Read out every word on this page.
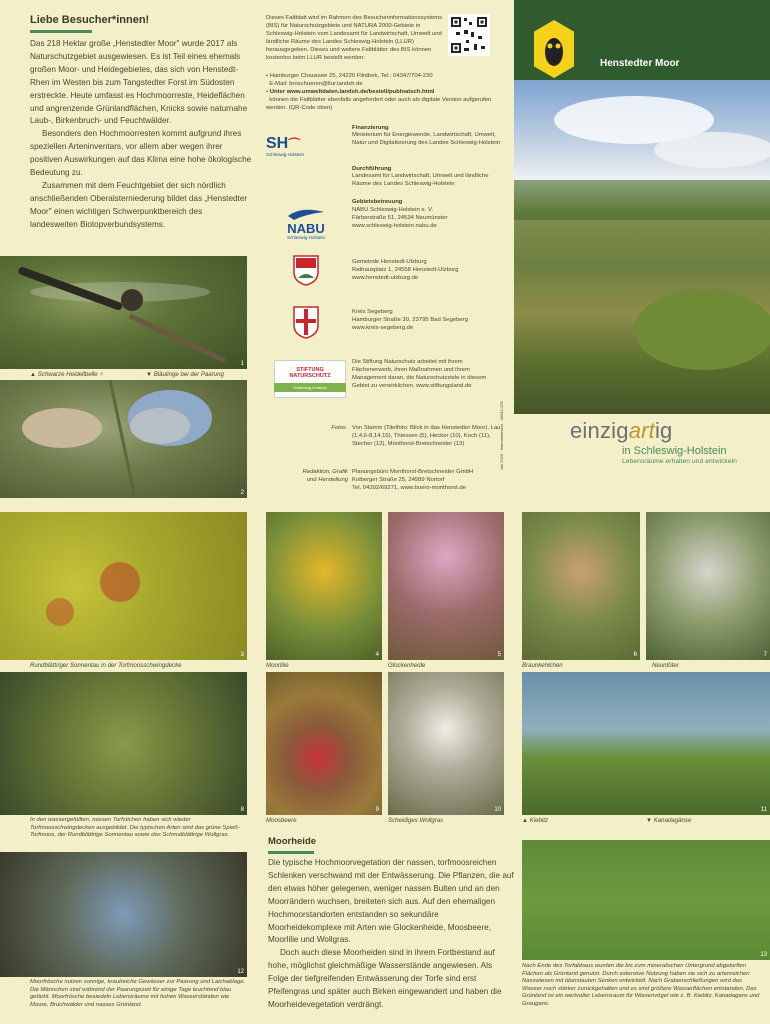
Liebe Besucher*innen!

Das 218 Hektar große „Henstedter Moor" wurde 2017 als Naturschutzgebiet ausgewiesen. Es ist Teil eines ehemals großen Moor- und Heidegebietes, das sich von Henstedt-Rhen im Westen bis zum Tangstedter Forst im Südosten erstreckte. Heute umfasst es Hochmoorreste, Heideflächen und angrenzende Grünlandflächen, Knicks sowie naturnahe Laub-, Birkenbruch- und Feuchtwälder.

Besonders den Hochmoorresten kommt aufgrund ihres speziellen Arteninventars, vor allem aber wegen ihrer positiven Auswirkungen auf das Klima eine hohe ökologische Bedeutung zu.

Zusammen mit dem Feuchtgebiet der sich nördlich anschließenden Oberalsterniederung bildet das „Henstedter Moor" einen wichtigen Schwerpunktbereich des landesweiten Biotopverbundsystems.

1
▲ Schwarze Heidelibelle ♂	▼ Bläulinge bei der Paarung
2
Dieses Faltblatt wird im Rahmen des Besucherinformationssystems (BIS) für Naturschutzgebiete und NATURA 2000-Gebiete in Schleswig-Holstein vom Landesamt für Landwirtschaft, Umwelt und ländliche Räume des Landes Schleswig-Holstein (LLUR) herausgegeben. Dieses und weitere Faltblätter des BIS können kostenlos beim LLUR bestellt werden:
• Hamburger Chaussee 25, 24220 Flintbek, Tel.: 04347/704-230
E-Mail: broschueren@llur.landsh.de
• Unter www.umweltdaten.landsh.de/bestell/publnatsch.html
können die Faltblätter ebenfalls angefordert oder auch als digitale Version aufgerufen werden. (QR-Code oben)
SH⌒
Schleswig-Holstein
Finanzierung
Ministerium für Energiewende, Landwirtschaft, Umwelt, Natur und Digitalisierung des Landes Schleswig-Holstein
Durchführung
Landesamt für Landwirtschaft, Umwelt und ländliche Räume des Landes Schleswig-Holstein
NABU
Schleswig-Holstein
Gebietsbetreuung
NABU Schleswig-Holstein e. V.
Färberstraße 51, 24534 Neumünster
www.schleswig-holstein.nabu.de
Gemeinde Henstedt-Ulzburg
Rathausplatz 1, 24558 Henstedt-Ulzburg
www.henstedt-ulzburg.de
Kreis Segeberg
Hamburger Straße 30, 23795 Bad Segeberg
www.kreis-segeberg.de
STIFTUNG NATURSCHUTZ
Schleswig-Holstein
Die Stiftung Naturschutz arbeitet mit ihrem Flächenerwerb, ihren Maßnahmen und ihrem Management daran, die Naturschutzziele in diesem Gebiet zu verwirklichen. www.stiftungsland.de
Fotos Von Stamm (Titelfoto: Blick in das Henstedter Moor), Lau (1,4,6-8,14,15), Thiessen (5), Hecker (10), Koch (11), Stecher (12), Monthorst-Bretschneider (13)
Redaktion, Grafik
und Herstellung
Planungsbüro Monthorst-Bretschneider GmbH
Kolberger Straße 25, 24589 Nortorf
Tel. 04392/69271, www.buero-monthorst.de
Juli 2020 · Internetversion · 40042-209
Henstedter Moor
einzigartig
in Schleswig-Holstein
Lebensräume erhalten und entwickeln
3
Rundblättriger Sonnentau in der Torfmoosschwingdecke
4
Moorlilie
5
Glockenheide
6
Braunkehlchen
7
Neuntöter
8
In den wassergefüllten, nassen Torfstichen haben sich wieder Torfmoosschwingdecken ausgebildet. Die typischen Arten sind das grüne Spieß-Torfmoos, der Rundblättrige Sonnentau sowie das Schmalblättrige Wollgras.
9
Moosbeere
10
Scheidiges Wollgras
11
▲ Kiebitz	▼ Kanadagänse
12
Moorfrösche nutzen sonnige, krautreiche Gewässer zur Paarung und Laichablage. Die Männchen sind während der Paarungszeit für einige Tage leuchtend blau gefärbt. Moorfrösche besiedeln Lebensräume mit hohen Wasserständen wie Moore, Bruchwälder und nasses Grünland.
Moorheide

Die typische Hochmoorvegetation der nassen, torfmoosreichen Schlenken verschwand mit der Entwässerung. Die Pflanzen, die auf den etwas höher gelegenen, weniger nassen Bulten und an den Moorrändern wuchsen, breiteten sich aus. Auf den ehemaligen Hochmoorstandorten entstanden so sekundäre Moorheidekomplexe mit Arten wie Glockenheide, Moosbeere, Moorlilie und Wollgras.

Doch auch diese Moorheiden sind in ihrem Fortbestand auf hohe, möglichst gleichmäßige Wasserstände angewiesen. Als Folge der tiefgreifenden Entwässerung der Torfe sind erst Pfeifengras und später auch Birken eingewandert und haben die Moorheidevegetation verdrängt.

13
Nach Ende des Torfabbaus wurden die bis zum mineralischen Untergrund abgetorften Flächen als Grünland genutzt. Durch extensive Nutzung haben sie sich zu artenreichen Nasswiesen mit überstauten Senken entwickelt. Nach Grabenschließungen wird das Wasser noch stärker zurückgehalten und es sind größere Wasserflächen entstanden. Das Grünland ist ein wertvoller Lebensraum für Wiesenvögel wie z. B. Kiebitz, Kanadagans und Graugans.
